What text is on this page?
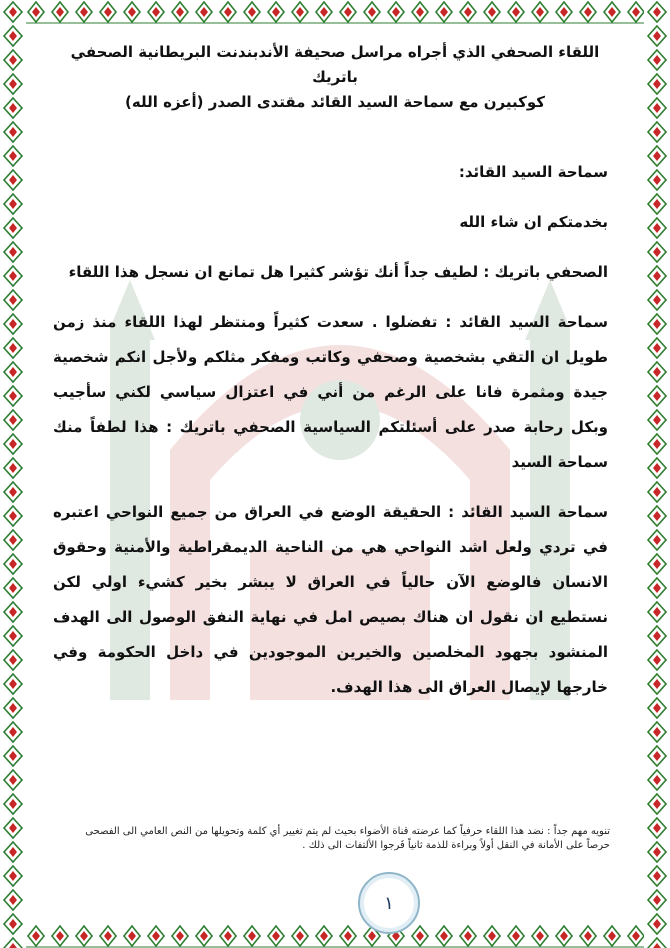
اللقاء الصحفي الذي أجراه مراسل صحيفة الأندبندنت البريطانية الصحفي باتريك
كوكبيرن مع سماحة السيد القائد مقتدى الصدر (أعزه الله)

سماحة السيد القائد:

بخدمتكم ان شاء الله

الصحفي باتريك : لطيف جداً أنك تؤشر كثيرا هل تمانع ان نسجل هذا اللقاء

سماحة السيد القائد : تفضلوا . سعدت كثيراً ومنتظر لهذا اللقاء منذ زمن طويل ان التقي بشخصية وصحفي وكاتب ومفكر مثلكم ولأجل انكم شخصية جيدة ومثمرة فانا على الرغم من أني في اعتزال سياسي لكني سأجيب وبكل رحابة صدر على أسئلتكم السياسية الصحفي باتريك : هذا لطفاً منك سماحة السيد

سماحة السيد القائد : الحقيقة الوضع في العراق من جميع النواحي اعتبره في تردي ولعل اشد النواحي هي من الناحية الديمقراطية والأمنية وحقوق الانسان فالوضع الآن حالياً في العراق لا يبشر بخير كشيء اولي لكن نستطيع ان نقول ان هناك بصيص امل في نهاية النفق الوصول الى الهدف المنشود بجهود المخلصين والخيرين الموجودين في داخل الحكومة وفي خارجها لإيصال العراق الى هذا الهدف.

تنويه مهم جداً : نضد هذا اللقاء حرفياً كما عرضته قناة الأضواء بحيث لم يتم تغيير أي كلمة وتحويلها من النص العامي الى الفصحى حرصاً على الأمانة في النقل أولاً وبراءة للذمة ثانياً فَرجوا الألتفات الى ذلك .
١
